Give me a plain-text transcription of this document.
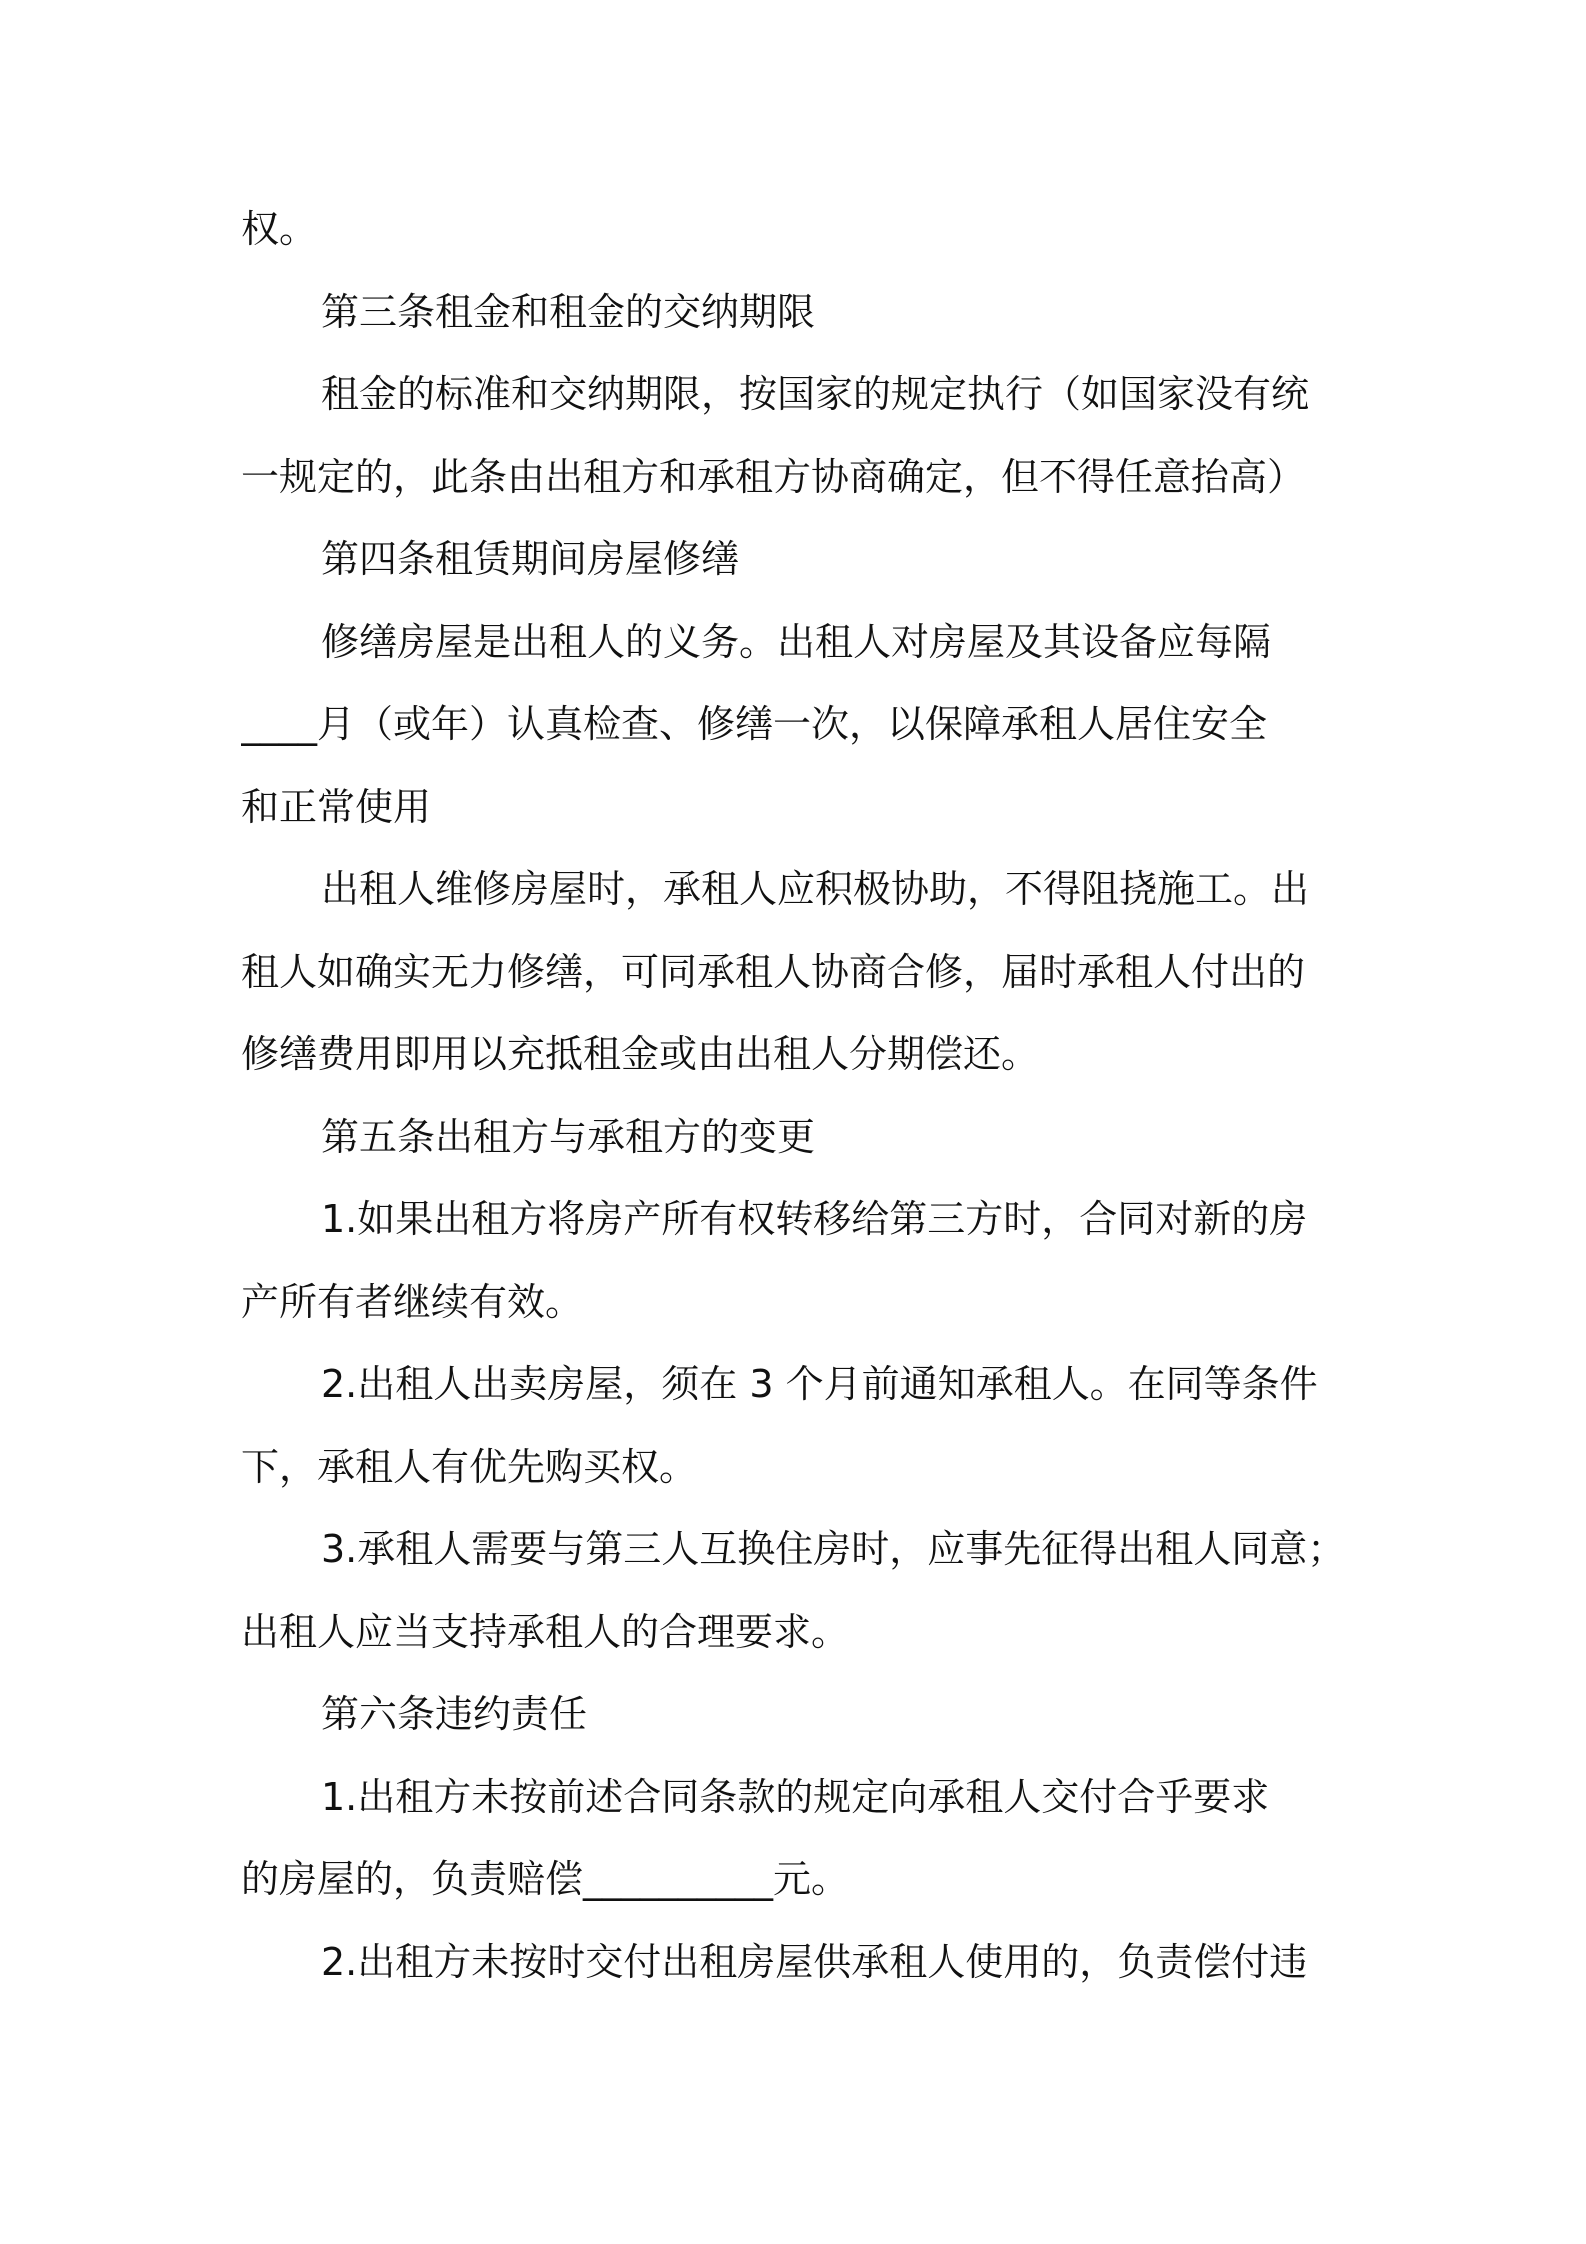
权。
第三条租金和租金的交纳期限
租金的标准和交纳期限，按国家的规定执行（如国家没有统
一规定的，此条由出租方和承租方协商确定，但不得任意抬高）
第四条租赁期间房屋修缮
修缮房屋是出租人的义务。出租人对房屋及其设备应每隔
____月（或年）认真检查、修缮一次，以保障承租人居住安全
和正常使用
出租人维修房屋时，承租人应积极协助，不得阻挠施工。出
租人如确实无力修缮，可同承租人协商合修，届时承租人付出的
修缮费用即用以充抵租金或由出租人分期偿还。
第五条出租方与承租方的变更
1.如果出租方将房产所有权转移给第三方时，合同对新的房
产所有者继续有效。
2.出租人出卖房屋，须在 3 个月前通知承租人。在同等条件
下，承租人有优先购买权。
3.承租人需要与第三人互换住房时，应事先征得出租人同意；
出租人应当支持承租人的合理要求。
第六条违约责任
1.出租方未按前述合同条款的规定向承租人交付合乎要求
的房屋的，负责赔偿__________元。
2.出租方未按时交付出租房屋供承租人使用的，负责偿付违
